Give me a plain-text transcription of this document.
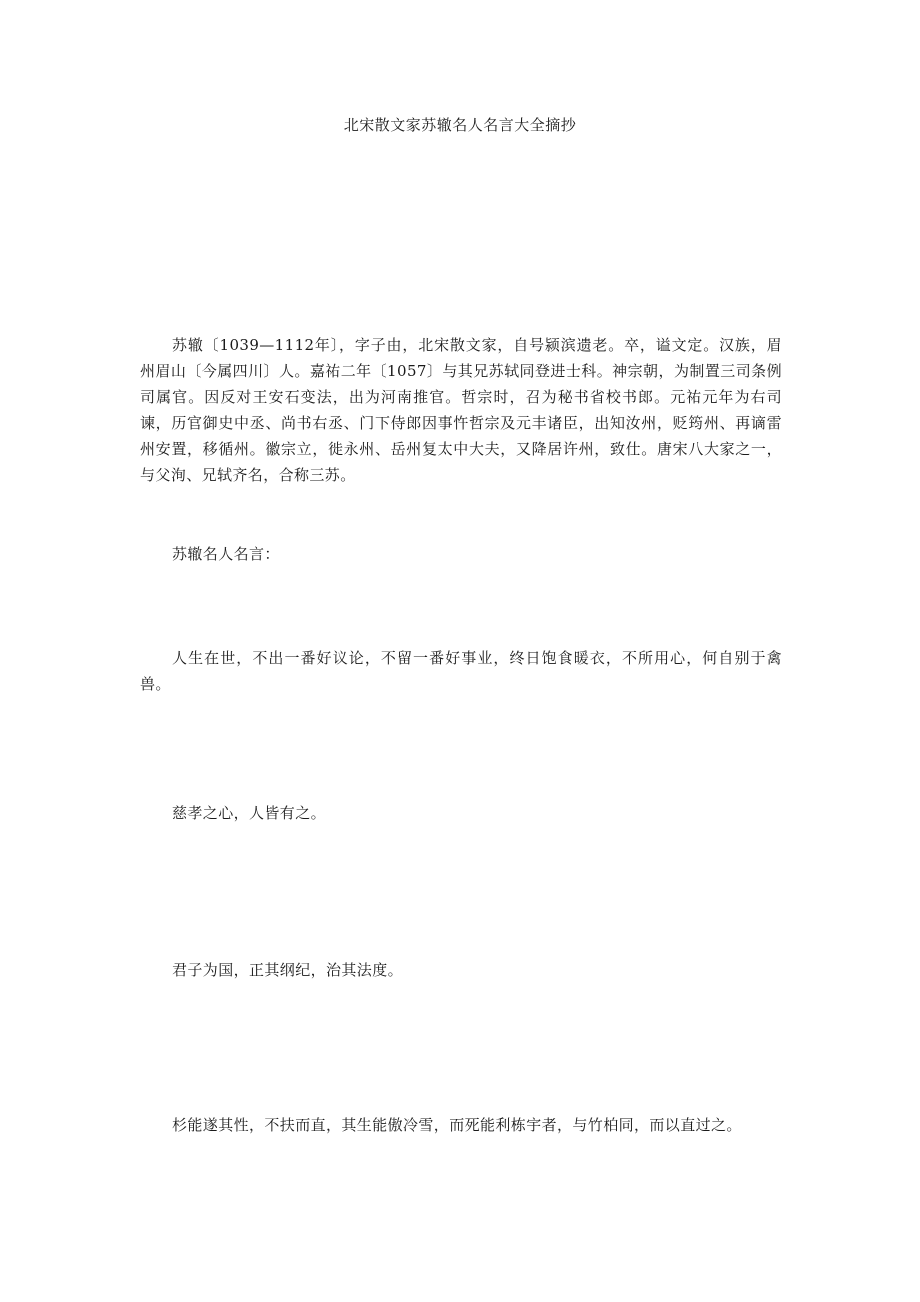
北宋散文家苏辙名人名言大全摘抄

苏辙〔1039—1112年〕，字子由，北宋散文家，自号颍滨遗老。卒，谥文定。汉族，眉州眉山〔今属四川〕人。嘉祐二年〔1057〕与其兄苏轼同登进士科。神宗朝，为制置三司条例司属官。因反对王安石变法，出为河南推官。哲宗时，召为秘书省校书郎。元祐元年为右司谏，历官御史中丞、尚书右丞、门下侍郎因事忤哲宗及元丰诸臣，出知汝州，贬筠州、再谪雷州安置，移循州。徽宗立，徙永州、岳州复太中大夫，又降居许州，致仕。唐宋八大家之一，与父洵、兄轼齐名，合称三苏。

苏辙名人名言：

人生在世，不出一番好议论，不留一番好事业，终日饱食暖衣，不所用心，何自别于禽兽。

慈孝之心，人皆有之。

君子为国，正其纲纪，治其法度。

杉能遂其性，不扶而直，其生能傲冷雪，而死能利栋宇者，与竹柏同，而以直过之。
